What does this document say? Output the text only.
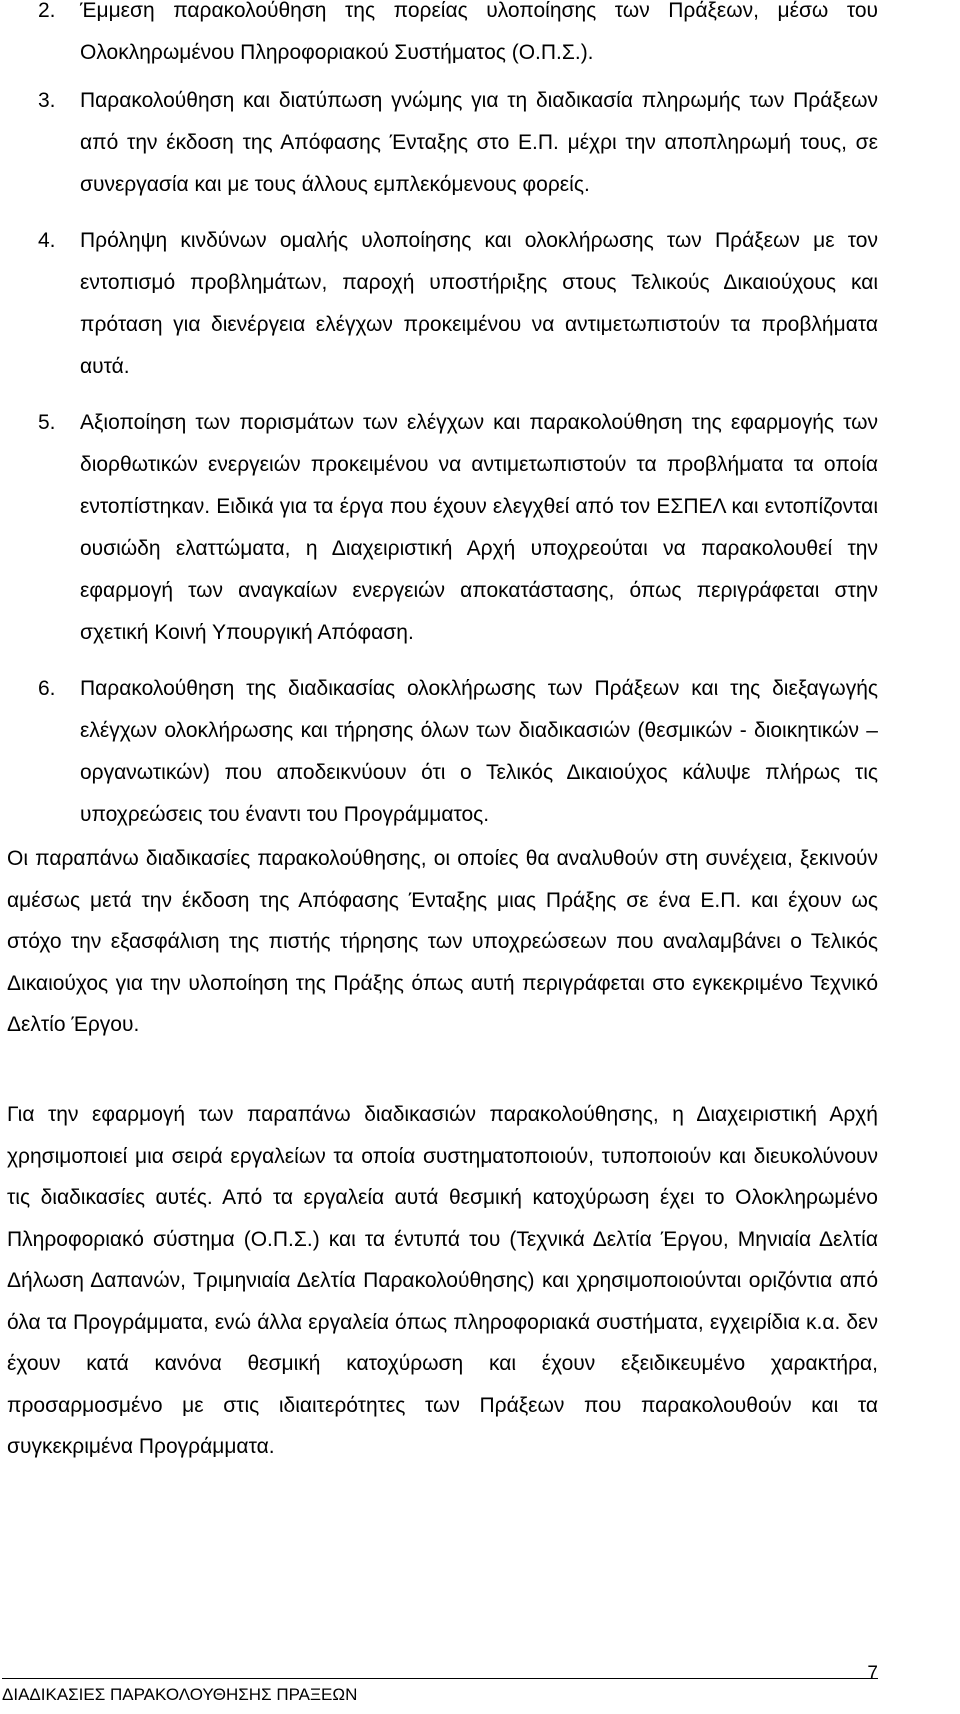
2.	Έμμεση παρακολούθηση της πορείας υλοποίησης των Πράξεων, μέσω του Ολοκληρωμένου Πληροφοριακού Συστήματος (Ο.Π.Σ.).

3.	Παρακολούθηση και διατύπωση γνώμης για τη διαδικασία πληρωμής των Πράξεων από την έκδοση της Απόφασης Ένταξης στο Ε.Π. μέχρι την αποπληρωμή τους, σε συνεργασία και με τους άλλους εμπλεκόμενους φορείς.

4.	Πρόληψη κινδύνων ομαλής υλοποίησης και ολοκλήρωσης των Πράξεων με τον εντοπισμό προβλημάτων, παροχή υποστήριξης στους Τελικούς Δικαιούχους και πρόταση για διενέργεια ελέγχων προκειμένου να αντιμετωπιστούν τα προβλήματα αυτά.

5.	Αξιοποίηση των πορισμάτων των ελέγχων και παρακολούθηση της εφαρμογής των διορθωτικών ενεργειών προκειμένου να αντιμετωπιστούν τα προβλήματα τα οποία εντοπίστηκαν. Ειδικά για τα έργα που έχουν ελεγχθεί από τον ΕΣΠΕΛ και εντοπίζονται ουσιώδη ελαττώματα, η Διαχειριστική Αρχή υποχρεούται να παρακολουθεί την εφαρμογή των αναγκαίων ενεργειών αποκατάστασης, όπως περιγράφεται στην σχετική Κοινή Υπουργική Απόφαση.

6.	Παρακολούθηση της διαδικασίας ολοκλήρωσης των Πράξεων και της διεξαγωγής ελέγχων ολοκλήρωσης και τήρησης όλων των διαδικασιών (θεσμικών - διοικητικών – οργανωτικών) που αποδεικνύουν ότι ο Τελικός Δικαιούχος κάλυψε πλήρως τις υποχρεώσεις του έναντι του Προγράμματος.

Οι παραπάνω διαδικασίες παρακολούθησης, οι οποίες θα αναλυθούν στη συνέχεια, ξεκινούν αμέσως μετά την έκδοση της Απόφασης Ένταξης μιας Πράξης σε ένα Ε.Π. και έχουν ως στόχο την εξασφάλιση της πιστής τήρησης των υποχρεώσεων που αναλαμβάνει ο Τελικός Δικαιούχος για την υλοποίηση της Πράξης όπως αυτή περιγράφεται στο εγκεκριμένο Τεχνικό Δελτίο Έργου.

Για την εφαρμογή των παραπάνω διαδικασιών παρακολούθησης, η Διαχειριστική Αρχή χρησιμοποιεί μια σειρά εργαλείων τα οποία συστηματοποιούν, τυποποιούν και διευκολύνουν τις διαδικασίες αυτές. Από τα εργαλεία αυτά θεσμική κατοχύρωση έχει το Ολοκληρωμένο Πληροφοριακό σύστημα (Ο.Π.Σ.) και τα έντυπά του (Τεχνικά Δελτία Έργου, Μηνιαία Δελτία Δήλωση Δαπανών, Τριμηνιαία Δελτία Παρακολούθησης) και χρησιμοποιούνται οριζόντια από όλα τα Προγράμματα, ενώ άλλα εργαλεία όπως πληροφοριακά συστήματα, εγχειρίδια κ.α. δεν έχουν κατά κανόνα θεσμική κατοχύρωση και έχουν εξειδικευμένο χαρακτήρα, προσαρμοσμένο με στις ιδιαιτερότητες των Πράξεων που παρακολουθούν και τα συγκεκριμένα Προγράμματα.

ΔΙΑΔΙΚΑΣΙΕΣ ΠΑΡΑΚΟΛΟΥΘΗΣΗΣ ΠΡΑΞΕΩΝ
7
